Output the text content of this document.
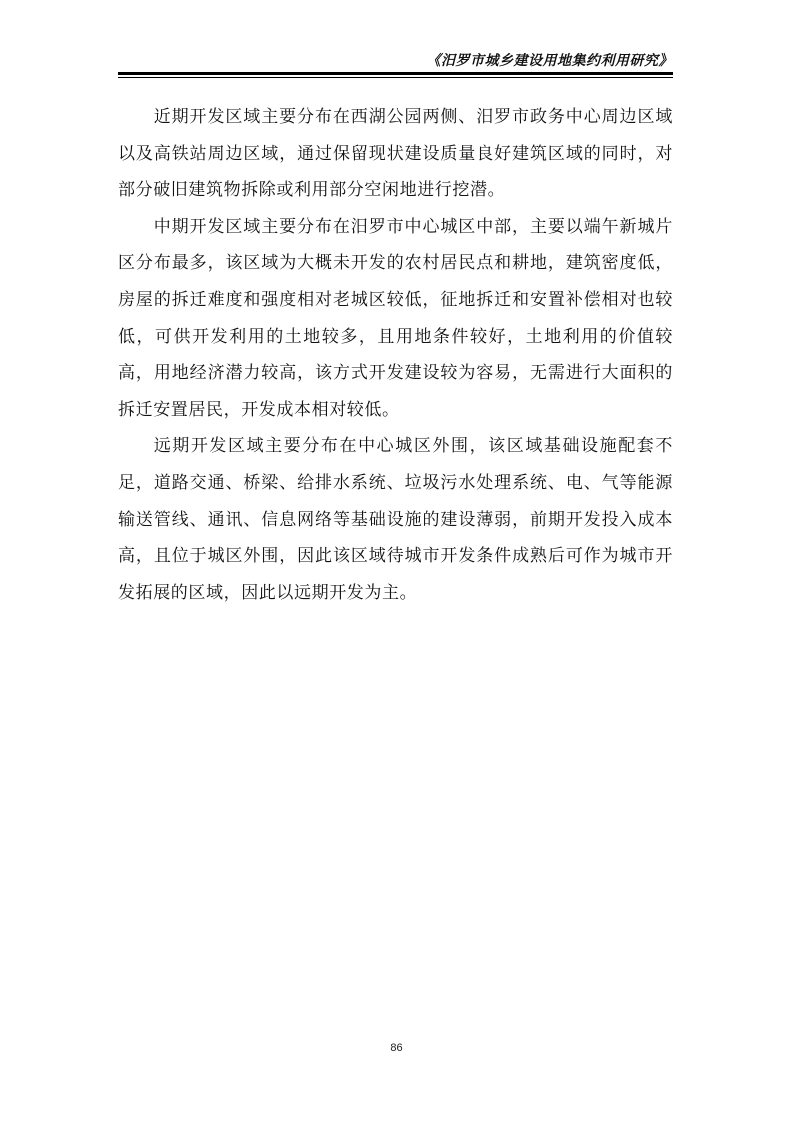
《汨罗市城乡建设用地集约利用研究》

近期开发区域主要分布在西湖公园两侧、汨罗市政务中心周边区域以及高铁站周边区域，通过保留现状建设质量良好建筑区域的同时，对部分破旧建筑物拆除或利用部分空闲地进行挖潜。

中期开发区域主要分布在汨罗市中心城区中部，主要以端午新城片区分布最多，该区域为大概未开发的农村居民点和耕地，建筑密度低，房屋的拆迁难度和强度相对老城区较低，征地拆迁和安置补偿相对也较低，可供开发利用的土地较多，且用地条件较好，土地利用的价值较高，用地经济潜力较高，该方式开发建设较为容易，无需进行大面积的拆迁安置居民，开发成本相对较低。

远期开发区域主要分布在中心城区外围，该区域基础设施配套不足，道路交通、桥梁、给排水系统、垃圾污水处理系统、电、气等能源输送管线、通讯、信息网络等基础设施的建设薄弱，前期开发投入成本高，且位于城区外围，因此该区域待城市开发条件成熟后可作为城市开发拓展的区域，因此以远期开发为主。

86
